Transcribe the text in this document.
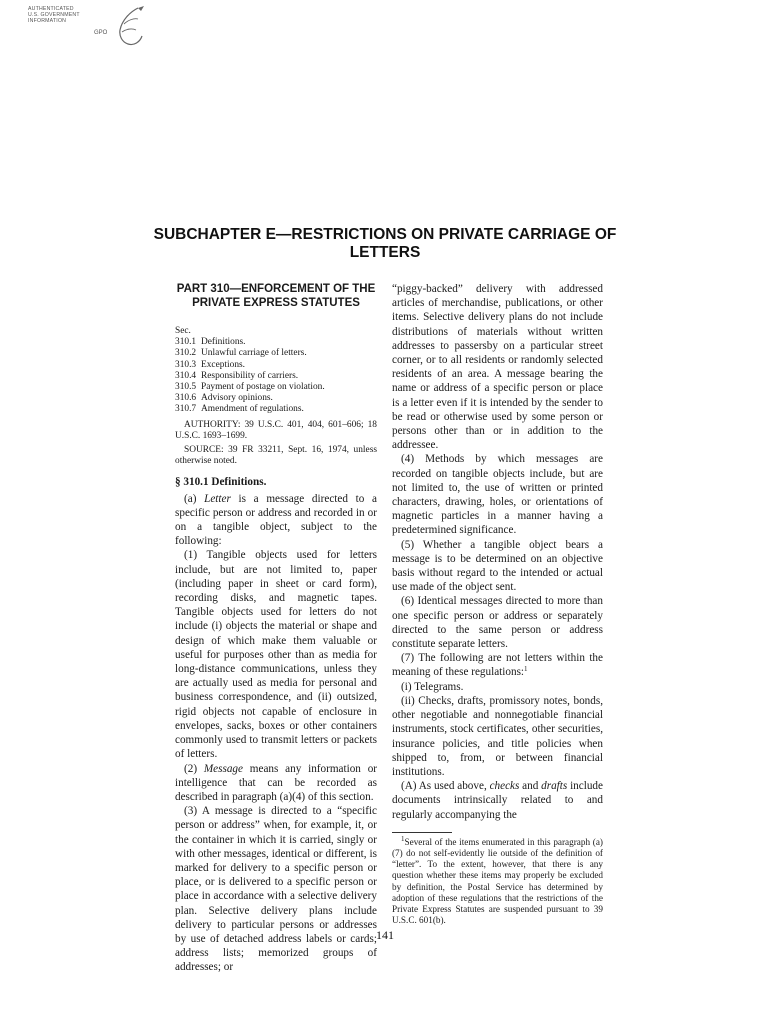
AUTHENTICATED
U.S. GOVERNMENT
INFORMATION
GPO
SUBCHAPTER E—RESTRICTIONS ON PRIVATE CARRIAGE OF LETTERS
PART 310—ENFORCEMENT OF THE PRIVATE EXPRESS STATUTES
Sec.
310.1 Definitions.
310.2 Unlawful carriage of letters.
310.3 Exceptions.
310.4 Responsibility of carriers.
310.5 Payment of postage on violation.
310.6 Advisory opinions.
310.7 Amendment of regulations.

AUTHORITY: 39 U.S.C. 401, 404, 601–606; 18 U.S.C. 1693–1699.

SOURCE: 39 FR 33211, Sept. 16, 1974, unless otherwise noted.

§ 310.1 Definitions.

(a) Letter is a message directed to a specific person or address and recorded in or on a tangible object, subject to the following:

(1) Tangible objects used for letters include, but are not limited to, paper (including paper in sheet or card form), recording disks, and magnetic tapes. Tangible objects used for letters do not include (i) objects the material or shape and design of which make them valuable or useful for purposes other than as media for long-distance communications, unless they are actually used as media for personal and business correspondence, and (ii) outsized, rigid objects not capable of enclosure in envelopes, sacks, boxes or other containers commonly used to transmit letters or packets of letters.

(2) Message means any information or intelligence that can be recorded as described in paragraph (a)(4) of this section.

(3) A message is directed to a “specific person or address” when, for example, it, or the container in which it is carried, singly or with other messages, identical or different, is marked for delivery to a specific person or place, or is delivered to a specific person or place in accordance with a selective delivery plan. Selective delivery plans include delivery to particular persons or addresses by use of detached address labels or cards; address lists; memorized groups of addresses; or

“piggy-backed” delivery with addressed articles of merchandise, publications, or other items. Selective delivery plans do not include distributions of materials without written addresses to passersby on a particular street corner, or to all residents or randomly selected residents of an area. A message bearing the name or address of a specific person or place is a letter even if it is intended by the sender to be read or otherwise used by some person or persons other than or in addition to the addressee.

(4) Methods by which messages are recorded on tangible objects include, but are not limited to, the use of written or printed characters, drawing, holes, or orientations of magnetic particles in a manner having a predetermined significance.

(5) Whether a tangible object bears a message is to be determined on an objective basis without regard to the intended or actual use made of the object sent.

(6) Identical messages directed to more than one specific person or address or separately directed to the same person or address constitute separate letters.

(7) The following are not letters within the meaning of these regulations:$^1$

(i) Telegrams.

(ii) Checks, drafts, promissory notes, bonds, other negotiable and nonnegotiable financial instruments, stock certificates, other securities, insurance policies, and title policies when shipped to, from, or between financial institutions.

(A) As used above, checks and drafts include documents intrinsically related to and regularly accompanying the

$^1$Several of the items enumerated in this paragraph (a)(7) do not self-evidently lie outside of the definition of “letter”. To the extent, however, that there is any question whether these items may properly be excluded by definition, the Postal Service has determined by adoption of these regulations that the restrictions of the Private Express Statutes are suspended pursuant to 39 U.S.C. 601(b).

141
